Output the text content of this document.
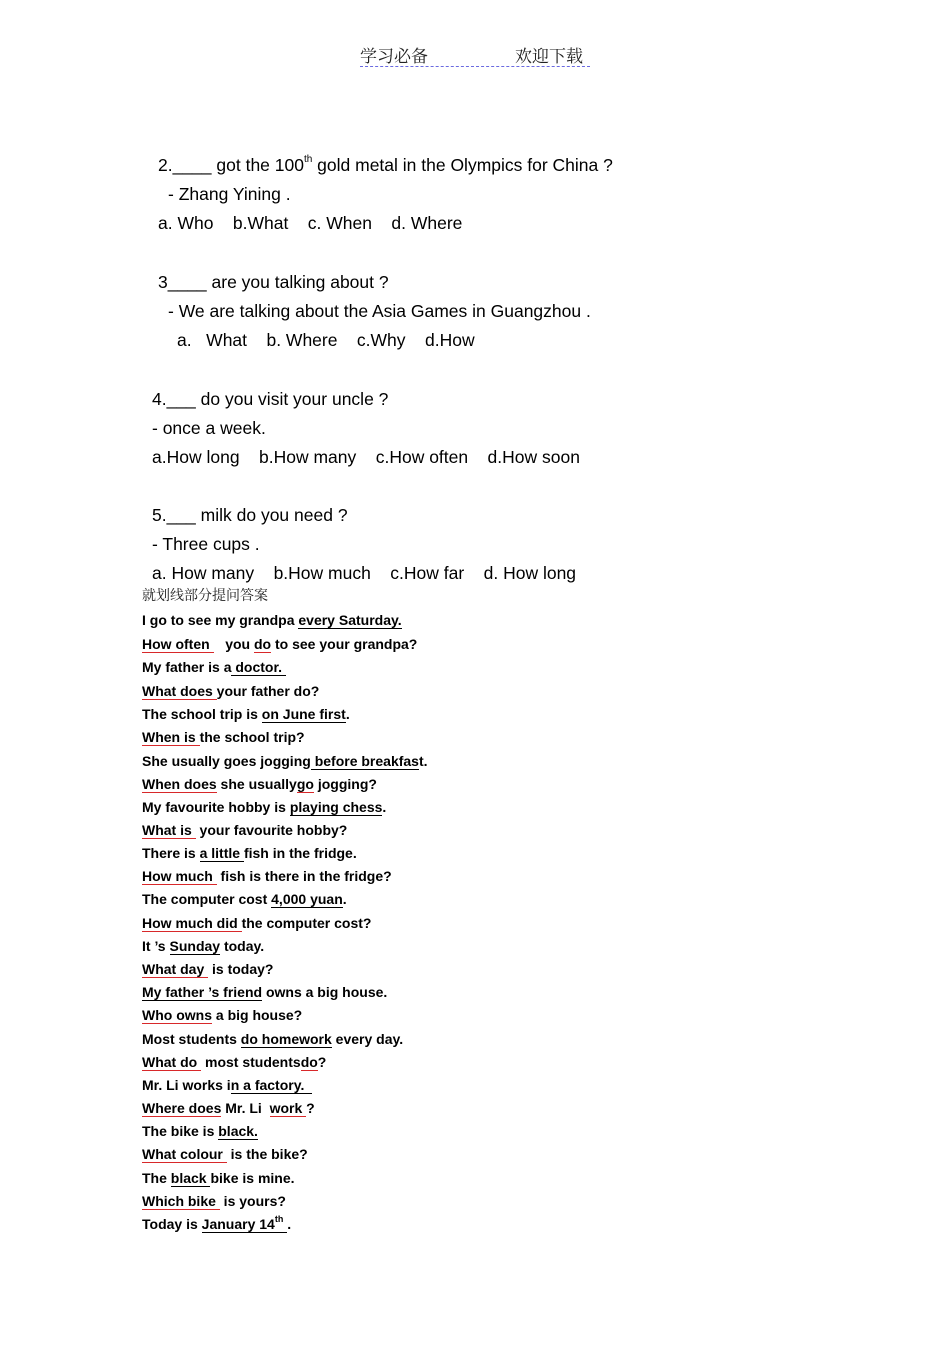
学习必备	欢迎下载
2.____ got the 100th gold metal in the Olympics for China ?
- Zhang Yining .
a. Who    b.What    c. When    d. Where
3____ are you talking about ?
- We are talking about the Asia Games in Guangzhou .
a.   What    b. Where    c.Why    d.How
4.___ do you visit your uncle ?
- once a week.
a.How long    b.How many    c.How often    d.How soon
5.___ milk do you need ?
- Three cups .
a. How many    b.How much    c.How far    d. How long
就划线部分提问答案
I go to see my grandpa every Saturday.
How often    you do to see your grandpa?
My father is a doctor.
What does your father do?
The school trip is on June first.
When is the school trip?
She usually goes jogging before breakfast.
When does she usuallygo jogging?
My favourite hobby is playing chess.
What is  your favourite hobby?
There is a little fish in the fridge.
How much  fish is there in the fridge?
The computer cost 4,000 yuan.
How much did the computer cost?
It ’s Sunday today.
What day  is today?
My father ’s friend owns a big house.
Who owns a big house?
Most students do homework every day.
What do  most studentsdo?
Mr. Li works in a factory.
Where does Mr. Li  work ?
The bike is black.
What colour  is the bike?
The black bike is mine.
Which bike  is yours?
Today is January 14th .
